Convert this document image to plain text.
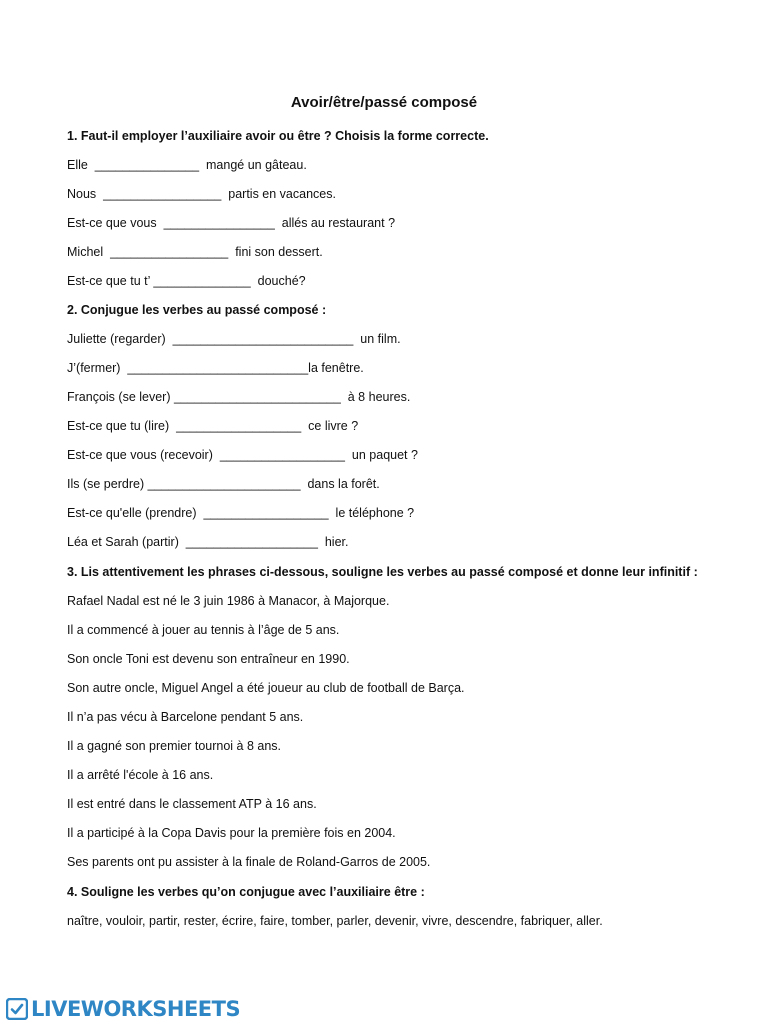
Avoir/être/passé composé
1. Faut-il employer l’auxiliaire avoir ou être ? Choisis la forme correcte.
Elle  _______________  mangé un gâteau.
Nous  _________________  partis en vacances.
Est-ce que vous  ________________  allés au restaurant ?
Michel  _________________  fini son dessert.
Est-ce que tu t’ ______________  douché?
2. Conjugue les verbes au passé composé :
Juliette (regarder)  __________________________  un film.
J’(fermer)  __________________________la fenêtre.
François (se lever) ________________________  à 8 heures.
Est-ce que tu (lire)  __________________  ce livre ?
Est-ce que vous (recevoir)  __________________  un paquet ?
Ils (se perdre) ______________________  dans la forêt.
Est-ce qu'elle (prendre)  __________________  le téléphone ?
Léa et Sarah (partir)  ___________________  hier.
3. Lis attentivement les phrases ci-dessous, souligne les verbes au passé composé et donne leur infinitif :
Rafael Nadal est né le 3 juin 1986 à Manacor, à Majorque.
Il a commencé à jouer au tennis à l’âge de 5 ans.
Son oncle Toni est devenu son entraîneur en 1990.
Son autre oncle, Miguel Angel a été joueur au club de football de Barça.
Il n’a pas vécu à Barcelone pendant 5 ans.
Il a gagné son premier tournoi à 8 ans.
Il a arrêté l'école à 16 ans.
Il est entré dans le classement ATP à 16 ans.
Il a participé à la Copa Davis pour la première fois en 2004.
Ses parents ont pu assister à la finale de Roland-Garros de 2005.
4. Souligne les verbes qu’on conjugue avec l’auxiliaire être :
naître, vouloir, partir, rester, écrire, faire, tomber, parler, devenir, vivre, descendre, fabriquer, aller.
LIVEWORKSHEETS
